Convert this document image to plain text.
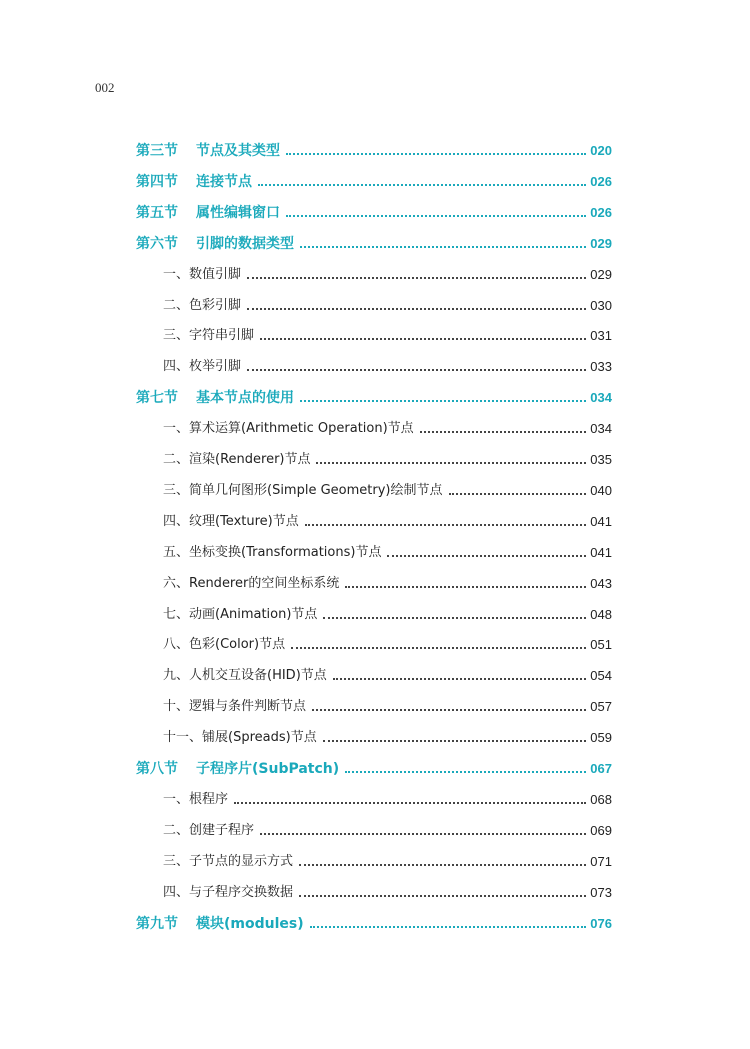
002
第三节 节点及其类型	020
第四节 连接节点	026
第五节 属性编辑窗口	026
第六节 引脚的数据类型	029
一、数值引脚	029
二、色彩引脚	030
三、字符串引脚	031
四、枚举引脚	033
第七节 基本节点的使用	034
一、算术运算(Arithmetic Operation)节点	034
二、渲染(Renderer)节点	035
三、简单几何图形(Simple Geometry)绘制节点	040
四、纹理(Texture)节点	041
五、坐标变换(Transformations)节点	041
六、Renderer的空间坐标系统	043
七、动画(Animation)节点	048
八、色彩(Color)节点	051
九、人机交互设备(HID)节点	054
十、逻辑与条件判断节点	057
十一、铺展(Spreads)节点	059
第八节 子程序片(SubPatch)	067
一、根程序	068
二、创建子程序	069
三、子节点的显示方式	071
四、与子程序交换数据	073
第九节 模块(modules)	076
